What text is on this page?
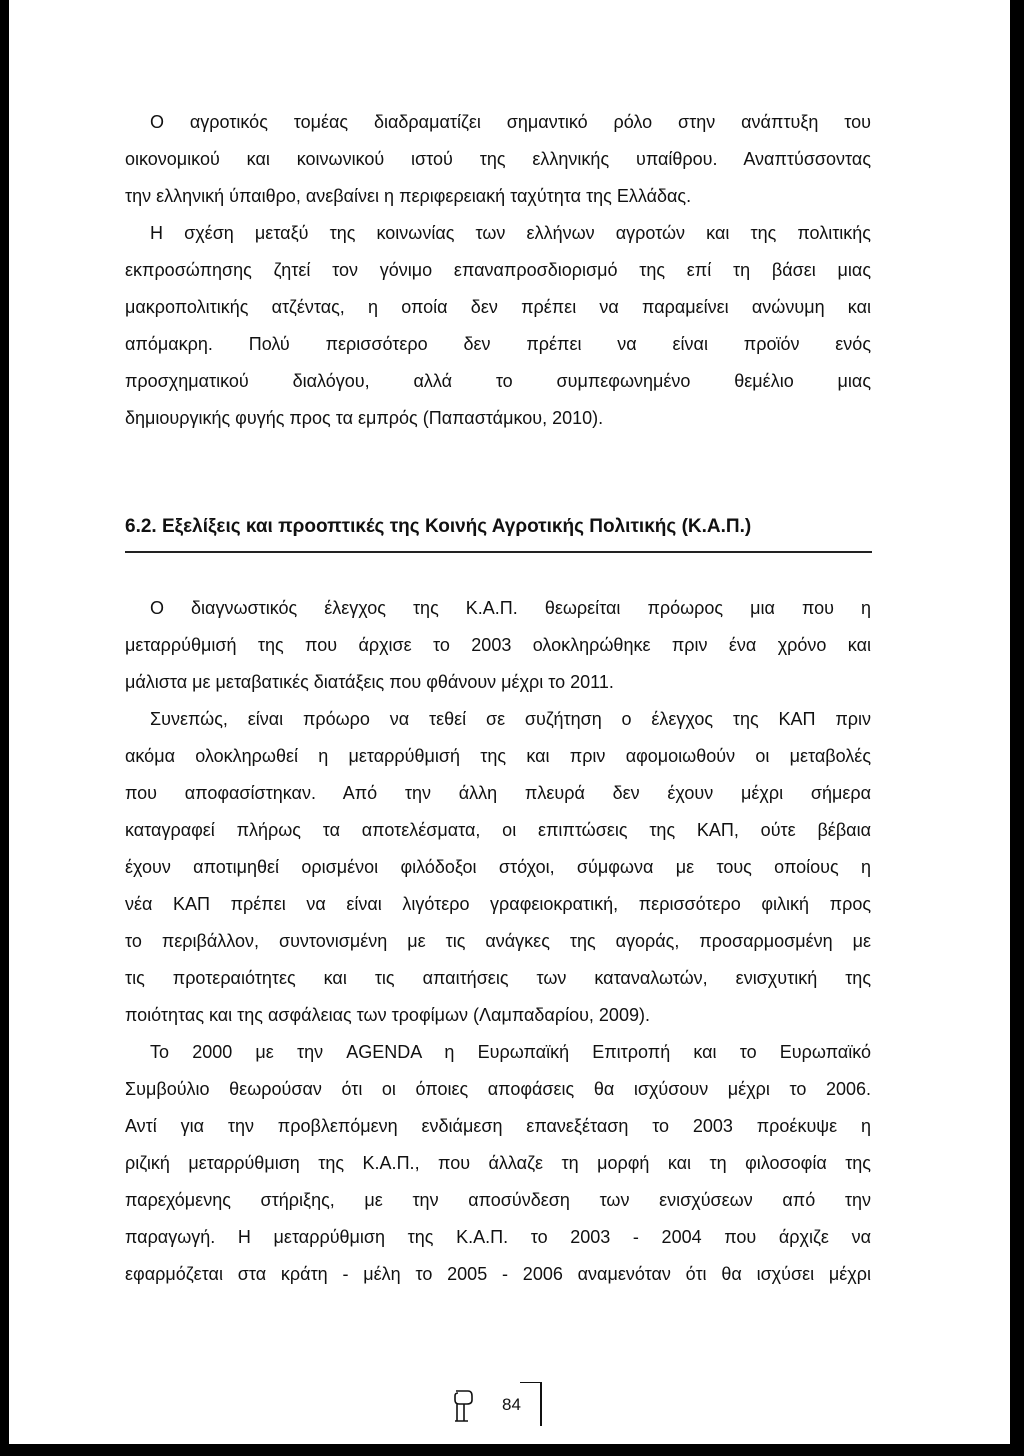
Ο αγροτικός τομέας διαδραματίζει σημαντικό ρόλο στην ανάπτυξη του
οικονομικού και κοινωνικού ιστού της ελληνικής υπαίθρου. Αναπτύσσοντας
την ελληνική ύπαιθρο, ανεβαίνει η περιφερειακή ταχύτητα της Ελλάδας.
Η σχέση μεταξύ της κοινωνίας των ελλήνων αγροτών και της πολιτικής
εκπροσώπησης ζητεί τον γόνιμο επαναπροσδιορισμό της επί τη βάσει μιας
μακροπολιτικής ατζέντας, η οποία δεν πρέπει να παραμείνει ανώνυμη και
απόμακρη. Πολύ περισσότερο δεν πρέπει να είναι προϊόν ενός
προσχηματικού διαλόγου, αλλά το συμπεφωνημένο θεμέλιο μιας
δημιουργικής φυγής προς τα εμπρός (Παπαστάμκου, 2010).
6.2. Εξελίξεις και προοπτικές της Κοινής Αγροτικής Πολιτικής (Κ.Α.Π.)
Ο διαγνωστικός έλεγχος της Κ.Α.Π. θεωρείται πρόωρος μια που η
μεταρρύθμισή της που άρχισε το 2003 ολοκληρώθηκε πριν ένα χρόνο και
μάλιστα με μεταβατικές διατάξεις που φθάνουν μέχρι το 2011.
Συνεπώς, είναι πρόωρο να τεθεί σε συζήτηση ο έλεγχος της ΚΑΠ πριν
ακόμα ολοκληρωθεί η μεταρρύθμισή της και πριν αφομοιωθούν οι μεταβολές
που αποφασίστηκαν. Από την άλλη πλευρά δεν έχουν μέχρι σήμερα
καταγραφεί πλήρως τα αποτελέσματα, οι επιπτώσεις της ΚΑΠ, ούτε βέβαια
έχουν αποτιμηθεί ορισμένοι φιλόδοξοι στόχοι, σύμφωνα με τους οποίους η
νέα ΚΑΠ πρέπει να είναι λιγότερο γραφειοκρατική, περισσότερο φιλική προς
το περιβάλλον, συντονισμένη με τις ανάγκες της αγοράς, προσαρμοσμένη με
τις προτεραιότητες και τις απαιτήσεις των καταναλωτών, ενισχυτική της
ποιότητας και της ασφάλειας των τροφίμων (Λαμπαδαρίου, 2009).
Το 2000 με την AGENDA η Ευρωπαϊκή Επιτροπή και το Ευρωπαϊκό
Συμβούλιο θεωρούσαν ότι οι όποιες αποφάσεις θα ισχύσουν μέχρι το 2006.
Αντί για την προβλεπόμενη ενδιάμεση επανεξέταση το 2003 προέκυψε η
ριζική μεταρρύθμιση της Κ.Α.Π., που άλλαζε τη μορφή και τη φιλοσοφία της
παρεχόμενης στήριξης, με την αποσύνδεση των ενισχύσεων από την
παραγωγή. Η μεταρρύθμιση της Κ.Α.Π. το 2003 - 2004 που άρχιζε να
εφαρμόζεται στα κράτη - μέλη το 2005 - 2006 αναμενόταν ότι θα ισχύσει μέχρι
84
